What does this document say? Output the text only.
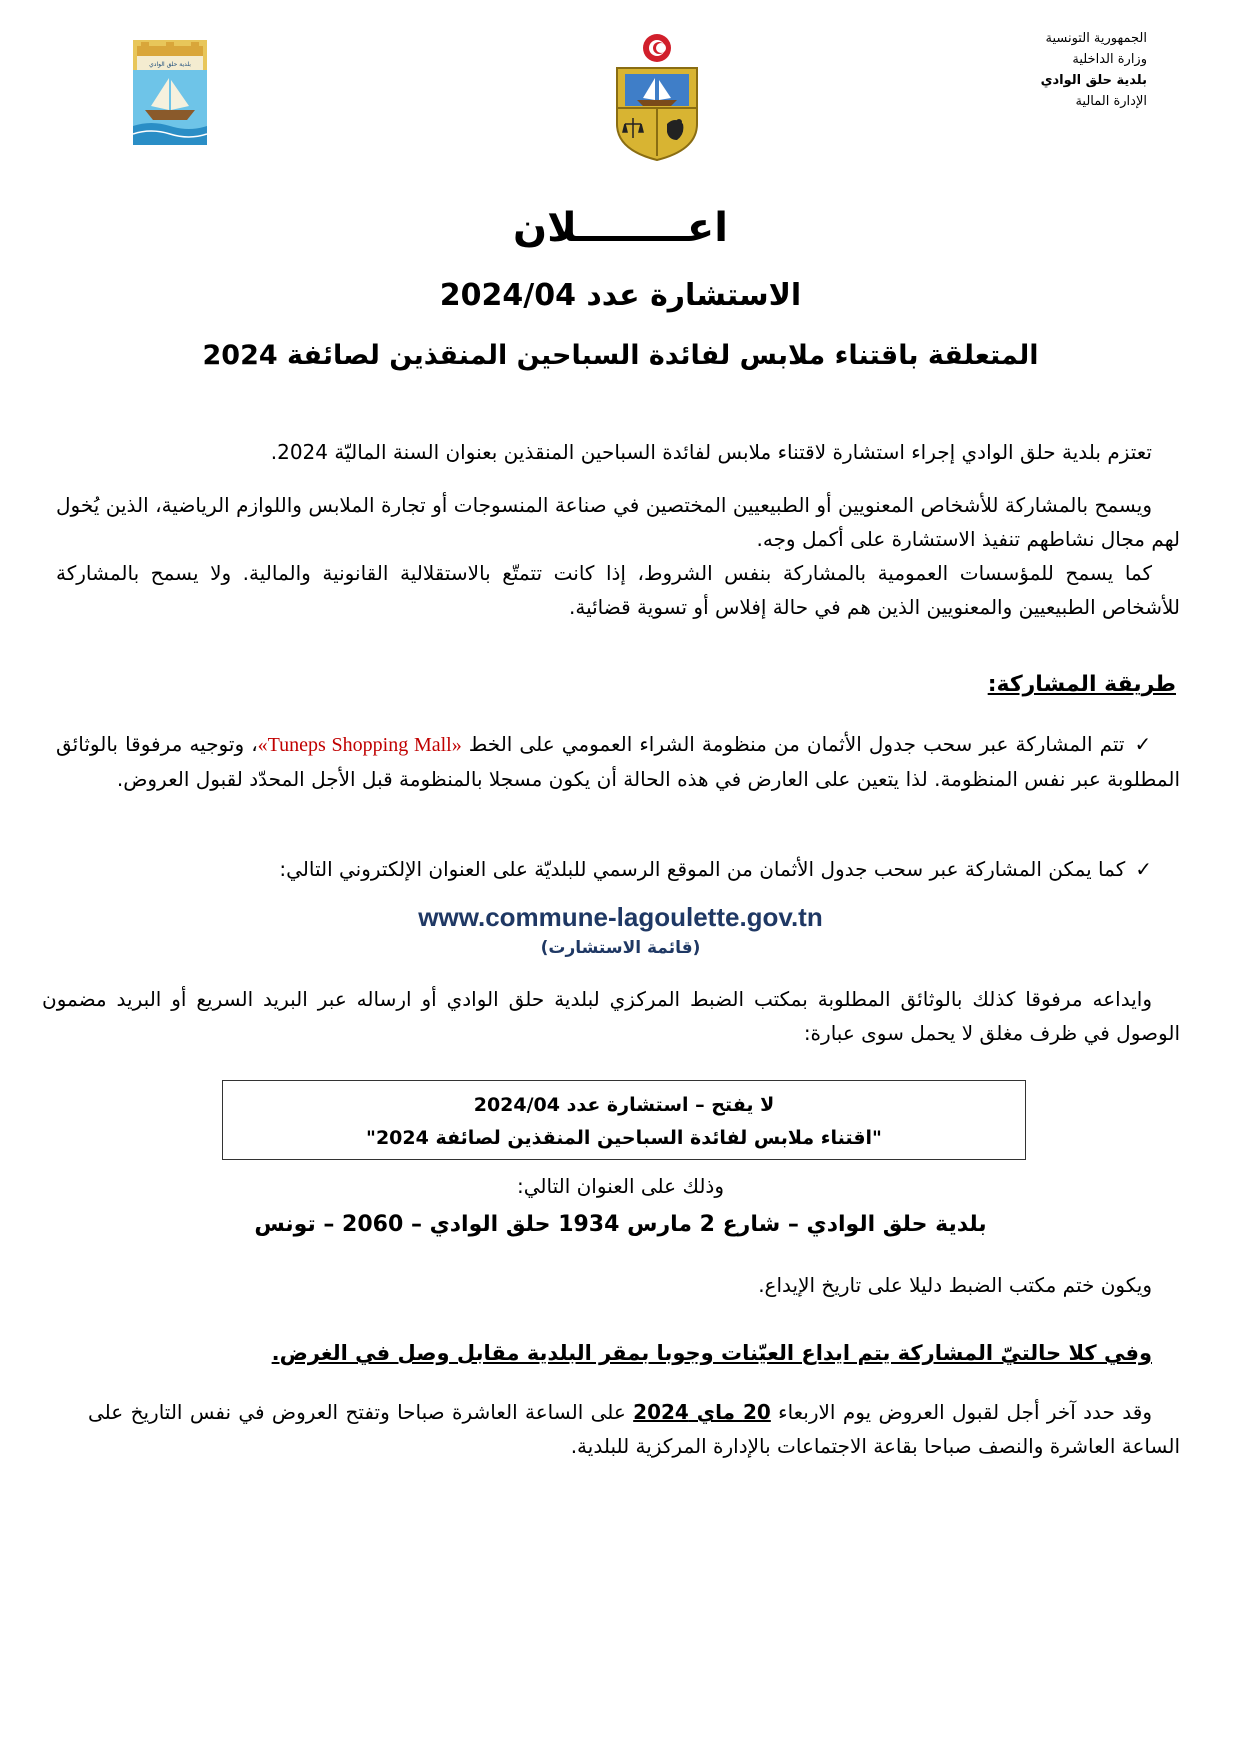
الجمهورية التونسية
وزارة الداخلية
بلدية حلق الوادي
الإدارة المالية
بلدية حلق الوادي
اعــــــــلان
الاستشارة عدد 2024/04
المتعلقة باقتناء ملابس لفائدة السباحين المنقذين لصائفة 2024

تعتزم بلدية حلق الوادي إجراء استشارة لاقتناء ملابس لفائدة السباحين المنقذين بعنوان السنة الماليّة 2024.

ويسمح بالمشاركة للأشخاص المعنويين أو الطبيعيين المختصين في صناعة المنسوجات أو تجارة الملابس واللوازم الرياضية، الذين يُخول لهم مجال نشاطهم تنفيذ الاستشارة على أكمل وجه.

كما يسمح للمؤسسات العمومية بالمشاركة بنفس الشروط، إذا كانت تتمتّع بالاستقلالية القانونية والمالية. ولا يسمح بالمشاركة للأشخاص الطبيعيين والمعنويين الذين هم في حالة إفلاس أو تسوية قضائية.

طريقة المشاركة:

✓تتم المشاركة عبر سحب جدول الأثمان من منظومة الشراء العمومي على الخط «Tuneps Shopping Mall»، وتوجيه مرفوقا بالوثائق المطلوبة عبر نفس المنظومة. لذا يتعين على العارض في هذه الحالة أن يكون مسجلا بالمنظومة قبل الأجل المحدّد لقبول العروض.

✓كما يمكن المشاركة عبر سحب جدول الأثمان من الموقع الرسمي للبلديّة على العنوان الإلكتروني التالي:

www.commune-lagoulette.gov.tn
(قائمة الاستشارت)

وايداعه مرفوقا كذلك بالوثائق المطلوبة بمكتب الضبط المركزي لبلدية حلق الوادي أو ارساله عبر البريد السريع أو البريد مضمون الوصول في ظرف مغلق لا يحمل سوى عبارة:

لا يفتح – استشارة عدد 2024/04
"اقتناء ملابس لفائدة السباحين المنقذين لصائفة 2024"
وذلك على العنوان التالي:
بلدية حلق الوادي – شارع 2 مارس 1934 حلق الوادي – 2060 – تونس

ويكون ختم مكتب الضبط دليلا على تاريخ الإيداع.

وفي كلا حالتيّ المشاركة يتم ايداع العيّنات وجوبا بمقر البلدية مقابل وصل في الغرض.

وقد حدد آخر أجل لقبول العروض يوم الاربعاء 20 ماي 2024 على الساعة العاشرة صباحا وتفتح العروض في نفس التاريخ على الساعة العاشرة والنصف صباحا بقاعة الاجتماعات بالإدارة المركزية للبلدية.
